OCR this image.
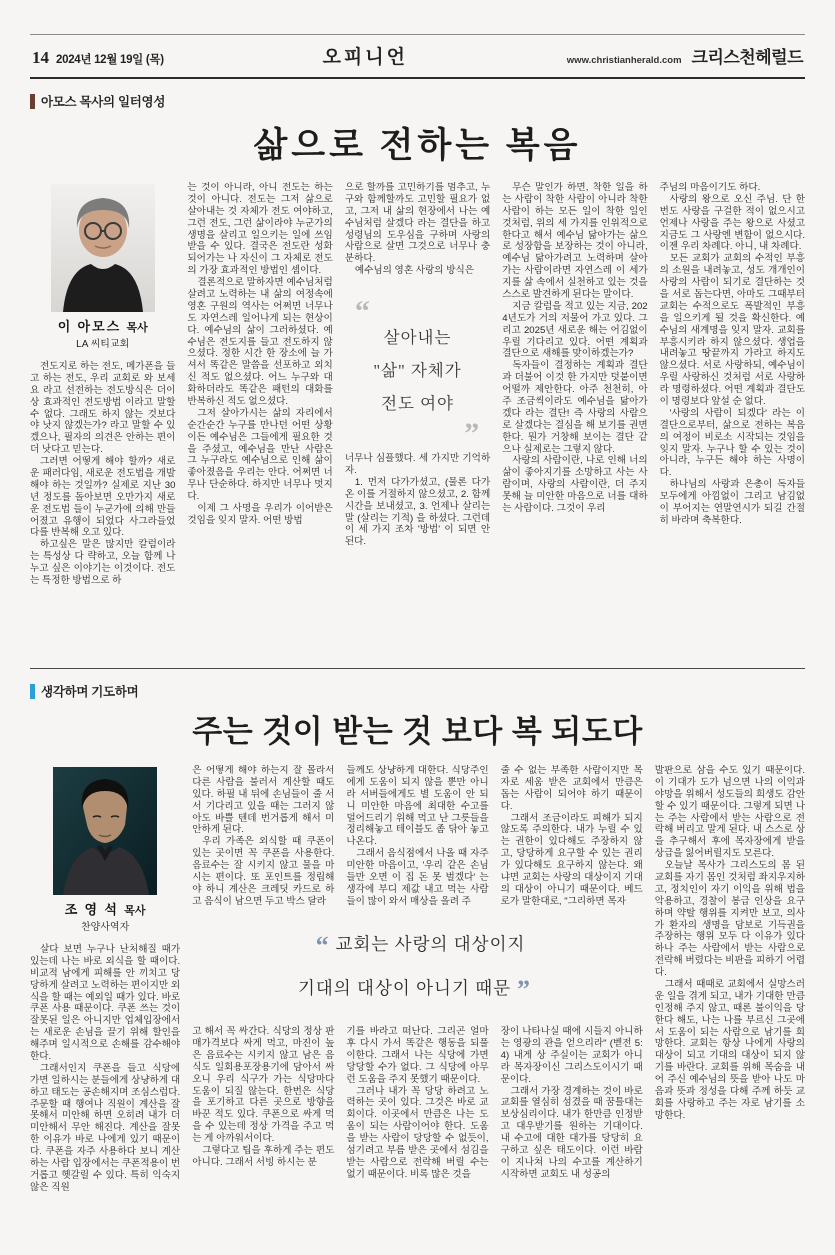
14 2024년 12월 19일 (목)	오피니언	www.christianherald.com 크리스천헤럴드
아모스 목사의 일터영성
삶으로 전하는 복음
이 아모스 목사
LA 씨티교회

전도지로 하는 전도, 메가폰을 들고 하는 전도, 우리 교회로 와 보세요 라고 선전하는 전도방식은 더이상 효과적인 전도방법 이라고 말할수 없다. 그래도 하지 않는 것보다야 낫지 않겠는가? 라고 말할 수 있겠으나, 필자의 의견은 안하는 편이 더 낫다고 믿는다.

그러면 어떻게 해야 할까? 새로운 패러다임, 새로운 전도법을 개발해야 하는 것일까? 실제로 지난 30년 정도를 돌아보면 오만가지 새로운 전도법 들이 누군가에 의해 만들어졌고 유행이 되었다 사그라들었다를 반복해 오고 있다.

하고싶은 말은 많지만 칼럼이라는 특성상 다 략하고, 오늘 함께 나누고 싶은 이야기는 이것이다. 전도는 특정한 방법으로 하

는 것이 아니라, 아니 전도는 하는 것이 아니다. 전도는 그저 삶으로 살아내는 것 자체가 전도 여야하고, 그런 전도, 그런 삶이라야 누군가의 생명을 살리고 일으키는 일에 쓰임 받을 수 있다. 결국은 전도란 성화 되어가는 나 자신이 그 자체로 전도의 가장 효과적인 방법인 셈이다.

결론적으로 말하자면 예수님처럼 살려고 노력하는 내 삶의 여정속에 영혼 구원의 역사는 어쩌면 너무나도 자연스레 일어나게 되는 현상이다. 예수님의 삶이 그러하셨다. 예수님은 전도지를 들고 전도하지 않으셨다. 정한 시간 한 장소에 늘 가셔서 똑같은 말씀을 선포하고 외치신 적도 없으셨다. 어느 누구와 대화하더라도 똑같은 패턴의 대화를 반복하신 적도 없으셨다.

그저 살아가시는 삶의 자리에서 순간순간 누구를 만나던 어떤 상황이든 예수님은 그들에게 필요한 것을 주셨고, 예수님을 만난 사람은 그 누구라도 예수님으로 인해 삶이 좋아졌음을 우리는 안다. 어쩌면 너무나 단순하다. 하지만 너무나 멋지다.

이제 그 사명을 우리가 이어받은 것임을 잊지 말자. 어떤 방법

으로 할까를 고민하기를 멈추고, 누구와 함께할까도 고민할 필요가 없고, 그저 내 삶의 현장에서 나는 예수님처럼 살겠다 라는 결단을 하고 성령님의 도우심을 구하며 사랑의 사람으로 살면 그것으로 너무나 충분하다.

예수님의 영혼 사랑의 방식은

“
살아내는
"삶" 자체가
전도 여야
”

너무나 심플했다. 세 가지만 기억하자.

1. 먼저 다가가셨고, (물론 다가온 이를 거절하지 않으셨고, 2. 함께 시간을 보내셨고, 3. 언제나 살리는 말 (살리는 기적) 을 하셨다. 그런데 이 세 가지 조차 '방법' 이 되면 안 된다.

무슨 말인가 하면, 착한 일을 하는 사람이 착한 사람이 아니라 착한 사람이 하는 모든 일이 착한 일인 것처럼, 위의 세 가지를 인위적으로 한다고 해서 예수님 닮아가는 삶으로 성장함을 보장하는 것이 아니라, 예수님 닮아가려고 노력하며 살아가는 사람이라면 자연스레 이 세가지를 삶 속에서 실천하고 있는 것을 스스로 발견하게 된다는 말이다.

지금 칼럼을 적고 있는 지금, 2024년도가 거의 저물어 가고 있다. 그리고 2025년 새로운 해는 어김없이 우릴 기다리고 있다. 어떤 계획과 결단으로 새해를 맞이하겠는가?

독자들이 결정하는 계획과 결단과 더불어 이것 한 가지만 덧붙이면 어떨까 제안한다. 아주 천천히, 아주 조금씩이라도 예수님을 닮아가겠다 라는 결단! 즉 사랑의 사람으로 살겠다는 결심을 해 보기를 권면한다. 뭔가 거창해 보이는 결단 같으나 실제로는 그렇지 않다.

사랑의 사람이란, 나로 인해 너의 삶이 좋아지기를 소망하고 사는 사람이며, 사랑의 사람이란, 더 주지 못해 늘 미안한 마음으로 너를 대하는 사람이다. 그것이 우리

주님의 마음이기도 하다.

사랑의 왕으로 오신 주님. 단 한 번도 사랑을 구걸한 적이 없으시고 언제나 사랑을 주는 왕으로 사셨고 지금도 그 사랑엔 변함이 없으시다. 이젠 우리 차례다. 아니, 내 차례다.

모든 교회가 교회의 수적인 부흥의 소원을 내려놓고, 성도 개개인이 사랑의 사람이 되기로 결단하는 것을 서로 돕는다면, 아마도 그때부터 교회는 수적으로도 폭발적인 부흥을 일으키게 될 것을 확신한다. 예수님의 새계명을 잊지 말자. 교회를 부흥시키라 하지 않으셨다. 생업을 내려놓고 땅끝까지 가라고 하지도 않으셨다. 서로 사랑하되, 예수님이 우릴 사랑하신 것처럼 서로 사랑하라 명령하셨다. 어떤 계획과 결단도 이 명령보다 앞설 순 없다.

'사랑의 사람이 되겠다' 라는 이 결단으로부터, 삶으로 전하는 복음의 여정이 비로소 시작되는 것임을 잊지 말자. 누구나 할 수 있는 것이 아니라, 누구든 해야 하는 사명이다.

하나님의 사랑과 은총이 독자들 모두에게 아낌없이 그리고 남김없이 부어지는 연말연시가 되길 간절히 바라며 축복한다.

생각하며 기도하며
주는 것이 받는 것 보다 복 되도다
조 영 석 목사
찬양사역자

살다 보면 누구나 난처해질 때가 있는데 나는 바로 외식을 할 때이다. 비교적 남에게 피해를 안 끼치고 당당하게 살려고 노력하는 편이지만 외식을 할 때는 예외일 때가 있다. 바로 쿠폰 사용 때문이다. 쿠폰 쓰는 것이 잘못된 일은 아니지만 업체입장에서는 새로운 손님을 끌기 위해 할인을 해주며 일시적으로 손해를 감수해야 한다.

그래서인지 쿠폰을 들고 식당에 가면 일하시는 분들에게 상냥하게 대하고 태도는 공손해지며 조심스럽다. 주문할 때 행여나 직원이 계산을 잘못해서 미안해 하면 오히려 내가 더 미안해서 무안 해진다. 계산을 잘못한 이유가 바로 나에게 있기 때문이다. 쿠폰을 자주 사용하다 보니 계산하는 사람 입장에서는 쿠폰적용이 번거롭고 헷갈릴 수 있다. 특히 익숙지 않은 직원

은 어떻게 해야 하는지 잘 몰라서 다른 사람을 불러서 계산할 때도 있다. 하필 내 뒤에 손님들이 줄 서서 기다리고 있을 때는 그러지 않아도 바쁠 텐데 번거롭게 해서 미안하게 된다.

우리 가족은 외식할 때 쿠폰이 있는 곳이면 꼭 쿠폰을 사용한다. 음료수는 잘 시키지 않고 물을 마시는 편이다. 또 포인트를 정립해야 하니 계산은 크레딧 카드로 하고 음식이 남으면 두고 박스 달라

들께도 상냥하게 대한다. 식당주인에게 도움이 되지 않을 뿐만 아니라 서버들에게도 별 도움이 안 되니 미안한 마음에 최대한 수고를 덜어드리기 위해 먹고 난 그릇들을 정리해놓고 테이블도 좀 닦아 놓고 나온다.

그래서 음식점에서 나올 때 자주 미안한 마음이고, '우리 같은 손님들만 오면 이 집 돈 못 벌겠다' 는 생각에 부디 제값 내고 먹는 사람들이 많이 와서 매상을 올려 주

줄 수 없는 부족한 사람이지만 목자로 세움 받은 교회에서 만큼은 돕는 사람이 되어야 하기 때문이다.

그래서 조금이라도 피해가 되지 않도록 주의한다. 내가 누릴 수 있는 권한이 있다해도 주장하지 않고, 당당하게 요구할 수 있는 권리가 있다해도 요구하지 않는다. 왜냐면 교회는 사랑의 대상이지 기대의 대상이 아니기 때문이다. 베드로가 말한대로, "그리하면 목자

“ 교회는 사랑의 대상이지
기대의 대상이 아니기 때문 ”

고 해서 꼭 싸간다. 식당의 정상 판매가격보다 싸게 먹고, 마진이 높은 음료수는 시키지 않고 남은 음식도 일회용포장용기에 담아서 싸오니 우리 식구가 가는 식당마다 도움이 되질 않는다. 한번은 식당을 포기하고 다른 곳으로 방향을 바꾼 적도 있다. 쿠폰으로 싸게 먹을 수 있는데 정상 가격을 주고 먹는 게 아까워서이다.

그렇다고 팁을 후하게 주는 편도 아니다. 그래서 서빙 하시는 분

기를 바라고 떠난다. 그리곤 얼마 후 다시 가서 똑같은 행동을 되풀이한다. 그래서 나는 식당에 가면 당당할 수가 없다. 그 식당에 아무런 도움을 주지 못했기 때문이다.

그러나 내가 꼭 당당 하려고 노력하는 곳이 있다. 그것은 바로 교회이다. 이곳에서 만큼은 나는 도움이 되는 사람이어야 한다. 도움을 받는 사람이 당당할 수 없듯이, 섬기려고 부름 받은 곳에서 섬김을 받는 사람으로 전락해 버릴 수는 없기 때문이다. 비록 많은 것을

장이 나타나실 때에 시들지 아니하는 영광의 관을 얻으리라" (벧전 5:4) 내게 상 주실이는 교회가 아니라 목자장이신 그리스도이시기 때문이다.

그래서 가장 경계하는 것이 바로 교회를 열심히 섬겼을 때 꿈틀대는 보상심리이다. 내가 한만큼 인정받고 대우받기를 원하는 기대이다. 내 수고에 대한 대가를 당당히 요구하고 싶은 태도이다. 이런 바람이 지나쳐 나의 수고를 계산하기 시작하면 교회도 내 성공의

발판으로 삼을 수도 있기 때문이다. 이 기대가 도가 넘으면 나의 이익과 야망을 위해서 성도들의 희생도 감안할 수 있기 때문이다. 그렇게 되면 나는 주는 사람에서 받는 사람으로 전락해 버리고 말게 된다. 내 스스로 상을 추구해서 후에 목자장에게 받을 상급을 잃어버릴지도 모른다.

오늘날 목사가 그리스도의 몸 된 교회를 자기 몸인 것처럼 좌지우지하고, 정치인이 자기 이익을 위해 법을 악용하고, 경찰이 봉급 인상을 요구하며 약탈 행위를 지켜만 보고, 의사가 환자의 생명을 담보로 기득권을 주장하는 행위 모두 다 이유가 있다하나 주는 사람에서 받는 사람으로 전락해 버렸다는 비판을 피하기 어렵다.

그래서 때때로 교회에서 실망스러운 일을 겪게 되고, 내가 기대한 만큼 인정해 주지 않고, 때론 불이익을 당한다 해도, 나는 나를 부르신 그곳에서 도움이 되는 사람으로 남기를 희망한다. 교회는 항상 나에게 사랑의 대상이 되고 기대의 대상이 되지 않기를 바란다. 교회를 위해 목숨을 내어 주신 예수님의 뜻을 받아 나도 마음과 뜻과 정성을 다해 주께 하듯 교회를 사랑하고 주는 자로 남기를 소망한다.
